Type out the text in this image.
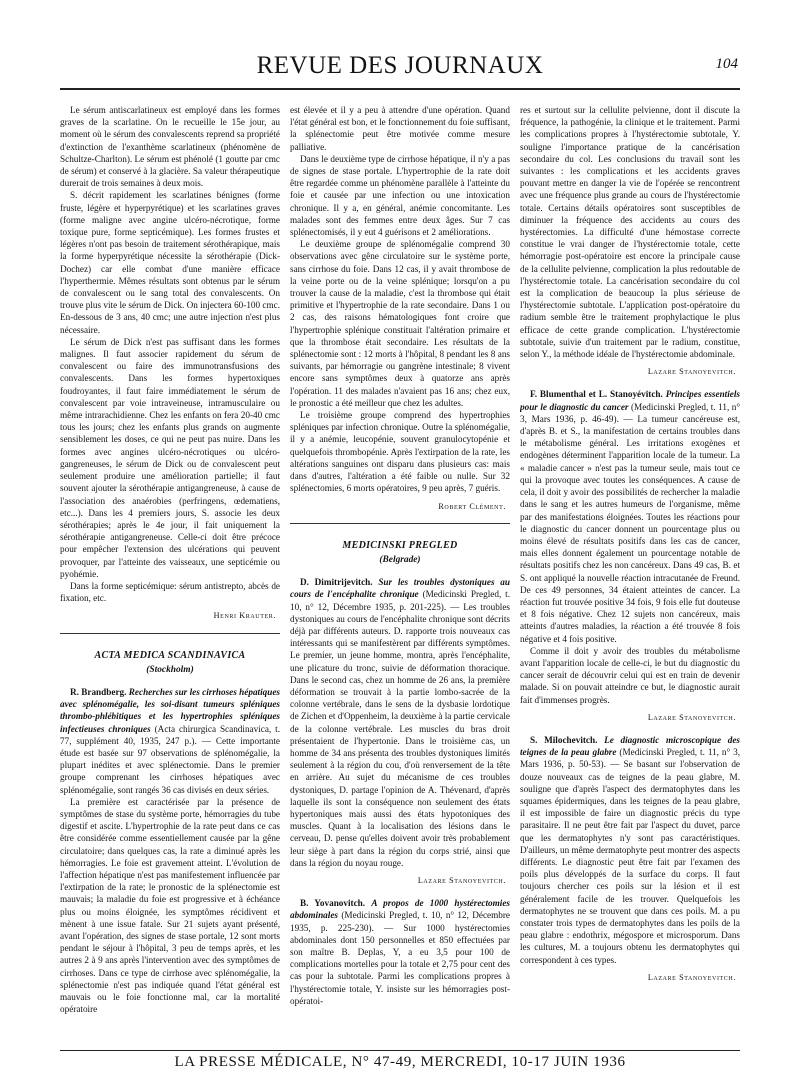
REVUE DES JOURNAUX	104

Le sérum antiscarlatineux est employé dans les formes graves de la scarlatine. On le recueille le 15e jour, au moment où le sérum des convalescents reprend sa propriété d'extinction de l'exanthème scarlatineux (phénomène de Schultze-Charlton). Le sérum est phénolé (1 goutte par cmc de sérum) et conservé à la glacière. Sa valeur thérapeutique durerait de trois semaines à deux mois.

S. décrit rapidement les scarlatines bénignes (forme fruste, légère et hyperpyrétique) et les scarlatines graves (forme maligne avec angine ulcéro-nécrotique, forme toxique pure, forme septicémique). Les formes frustes et légères n'ont pas besoin de traitement sérothérapique, mais la forme hyperpyrétique nécessite la sérothérapie (Dick-Dochez) car elle combat d'une manière efficace l'hyperthermie. Mêmes résultats sont obtenus par le sérum de convalescent ou le sang total des convalescents. On trouve plus vite le sérum de Dick. On injectera 60-100 cmc. En-dessous de 3 ans, 40 cmc; une autre injection n'est plus nécessaire.

Le sérum de Dick n'est pas suffisant dans les formes malignes. Il faut associer rapidement du sérum de convalescent ou faire des immunotransfusions des convalescents. Dans les formes hypertoxiques foudroyantes, il faut faire immédiatement le sérum de convalescent par voie intraveineuse, intramusculaire ou même intrarachidienne. Chez les enfants on fera 20-40 cmc tous les jours; chez les enfants plus grands on augmente sensiblement les doses, ce qui ne peut pas nuire. Dans les formes avec angines ulcéro-nécrotiques ou ulcéro-gangreneuses, le sérum de Dick ou de convalescent peut seulement produire une amélioration partielle; il faut souvent ajouter la sérothérapie antigangreneuse, à cause de l'association des anaérobies (perfringens, œdematiens, etc...). Dans les 4 premiers jours, S. associe les deux sérothérapies; après le 4e jour, il fait uniquement la sérothérapie antigangreneuse. Celle-ci doit être précoce pour empêcher l'extension des ulcérations qui peuvent provoquer, par l'atteinte des vaisseaux, une septicémie ou pyohémie.

Dans la forme septicémique: sérum antistrepto, abcès de fixation, etc.

Henri Krauter.
ACTA MEDICA SCANDINAVICA
(Stockholm)

R. Brandberg. Recherches sur les cirrhoses hépatiques avec splénomégalie, les soi-disant tumeurs spléniques thrombo-phlébitiques et les hypertrophies spléniques infectieuses chroniques (Acta chirurgica Scandinavica, t. 77, supplément 40, 1935, 247 p.). — Cette importante étude est basée sur 97 observations de splénomégalie, la plupart inédites et avec splénectomie. Dans le premier groupe comprenant les cirrhoses hépatiques avec splénomégalie, sont rangés 36 cas divisés en deux séries.

La première est caractérisée par la présence de symptômes de stase du système porte, hémorragies du tube digestif et ascite. L'hypertrophie de la rate peut dans ce cas être considérée comme essentiellement causée par la gêne circulatoire; dans quelques cas, la rate a diminué après les hémorragies. Le foie est gravement atteint. L'évolution de l'affection hépatique n'est pas manifestement influencée par l'extirpation de la rate; le pronostic de la splénectomie est mauvais; la maladie du foie est progressive et à échéance plus ou moins éloignée, les symptômes récidivent et mènent à une issue fatale. Sur 21 sujets ayant présenté, avant l'opération, des signes de stase portale, 12 sont morts pendant le séjour à l'hôpital, 3 peu de temps après, et les autres 2 à 9 ans après l'intervention avec des symptômes de cirrhoses. Dans ce type de cirrhose avec splénomégalie, la splénectomie n'est pas indiquée quand l'état général est mauvais ou le foie fonctionne mal, car la mortalité opératoire

est élevée et il y a peu à attendre d'une opération. Quand l'état général est bon, et le fonctionnement du foie suffisant, la splénectomie peut être motivée comme mesure palliative.

Dans le deuxième type de cirrhose hépatique, il n'y a pas de signes de stase portale. L'hypertrophie de la rate doit être regardée comme un phénomène parallèle à l'atteinte du foie et causée par une infection ou une intoxication chronique. Il y a, en général, anémie concomitante. Les malades sont des femmes entre deux âges. Sur 7 cas splénectomisés, il y eut 4 guérisons et 2 améliorations.

Le deuxième groupe de splénomégalie comprend 30 observations avec gêne circulatoire sur le système porte, sans cirrhose du foie. Dans 12 cas, il y avait thrombose de la veine porte ou de la veine splénique; lorsqu'on a pu trouver la cause de la maladie, c'est la thrombose qui était primitive et l'hypertrophie de la rate secondaire. Dans 1 ou 2 cas, des raisons hématologiques font croire que l'hypertrophie splénique constituait l'altération primaire et que la thrombose était secondaire. Les résultats de la splénectomie sont : 12 morts à l'hôpital, 8 pendant les 8 ans suivants, par hémorragie ou gangrène intestinale; 8 vivent encore sans symptômes deux à quatorze ans après l'opération. 11 des malades n'avaient pas 16 ans; chez eux, le pronostic a été meilleur que chez les adultes.

Le troisième groupe comprend des hypertrophies spléniques par infection chronique. Outre la splénomégalie, il y a anémie, leucopénie, souvent granulocytopénie et quelquefois thrombopénie. Après l'extirpation de la rate, les altérations sanguines ont disparu dans plusieurs cas: mais dans d'autres, l'altération a été faible ou nulle. Sur 32 splénectomies, 6 morts opératoires, 9 peu après, 7 guéris.

Robert Clément.
MEDICINSKI PREGLED
(Belgrade)

D. Dimitrijevitch. Sur les troubles dystoniques au cours de l'encéphalite chronique (Medicinski Pregled, t. 10, n° 12, Décembre 1935, p. 201-225). — Les troubles dystoniques au cours de l'encéphalite chronique sont décrits déjà par différents auteurs. D. rapporte trois nouveaux cas intéressants qui se manifestèrent par différents symptômes. Le premier, un jeune homme, montra, après l'encéphalite, une plicature du tronc, suivie de déformation thoracique. Dans le second cas, chez un homme de 26 ans, la première déformation se trouvait à la partie lombo-sacrée de la colonne vertébrale, dans le sens de la dysbasie lordotique de Zichen et d'Oppenheim, la deuxième à la partie cervicale de la colonne vertébrale. Les muscles du bras droit présentaient de l'hypertonie. Dans le troisième cas, un homme de 34 ans présenta des troubles dystoniques limités seulement à la région du cou, d'où renversement de la tête en arrière. Au sujet du mécanisme de ces troubles dystoniques, D. partage l'opinion de A. Thévenard, d'après laquelle ils sont la conséquence non seulement des états hypertoniques mais aussi des états hypotoniques des muscles. Quant à la localisation des lésions dans le cerveau, D. pense qu'elles doivent avoir très probablement leur siège à part dans la région du corps strié, ainsi que dans la région du noyau rouge.

Lazare Stanoyevitch.

B. Yovanovitch. A propos de 1000 hystérectomies abdominales (Medicinski Pregled, t. 10, n° 12, Décembre 1935, p. 225-230). — Sur 1000 hystérectomies abdominales dont 150 personnelles et 850 effectuées par son maître B. Deplas, Y, a eu 3,5 pour 100 de complications mortelles pour la totale et 2,75 pour cent des cas pour la subtotale. Parmi les complications propres à l'hystérectomie totale, Y. insiste sur les hémorragies post-opératoi-

res et surtout sur la cellulite pelvienne, dont il discute la fréquence, la pathogénie, la clinique et le traitement. Parmi les complications propres à l'hystérectomie subtotale, Y. souligne l'importance pratique de la cancérisation secondaire du col. Les conclusions du travail sont les suivantes : les complications et les accidents graves pouvant mettre en danger la vie de l'opérée se rencontrent avec une fréquence plus grande au cours de l'hystérectomie totale. Certains détails opératoires sont susceptibles de diminuer la fréquence des accidents au cours des hystérectomies. La difficulté d'une hémostase correcte constitue le vrai danger de l'hystérectomie totale, cette hémorragie post-opératoire est encore la principale cause de la cellulite pelvienne, complication la plus redoutable de l'hystérectomie totale. La cancérisation secondaire du col est la complication de beaucoup la plus sérieuse de l'hystérectomie subtotale. L'application post-opératoire du radium semble être le traitement prophylactique le plus efficace de cette grande complication. L'hystérectomie subtotale, suivie d'un traitement par le radium, constitue, selon Y., la méthode idéale de l'hystérectomie abdominale.

Lazare Stanoyevitch.

F. Blumenthal et L. Stanoyévitch. Principes essentiels pour le diagnostic du cancer (Medicinski Pregled, t. 11, n° 3, Mars 1936, p. 46-49). — La tumeur cancéreuse est, d'après B. et S., la manifestation de certains troubles dans le métabolisme général. Les irritations exogènes et endogènes déterminent l'apparition locale de la tumeur. La « maladie cancer » n'est pas la tumeur seule, mais tout ce qui la provoque avec toutes les conséquences. A cause de cela, il doit y avoir des possibilités de rechercher la maladie dans le sang et les autres humeurs de l'organisme, même par des manifestations éloignées. Toutes les réactions pour le diagnostic du cancer donnent un pourcentage plus ou moins élevé de résultats positifs dans les cas de cancer, mais elles donnent également un pourcentage notable de résultats positifs chez les non cancéreux. Dans 49 cas, B. et S. ont appliqué la nouvelle réaction intracutanée de Freund. De ces 49 personnes, 34 étaient atteintes de cancer. La réaction fut trouvée positive 34 fois, 9 fois elle fut douteuse et 8 fois négative. Chez 12 sujets non cancéreux, mais atteints d'autres maladies, la réaction a été trouvée 8 fois négative et 4 fois positive.

Comme il doit y avoir des troubles du métabolisme avant l'apparition locale de celle-ci, le but du diagnostic du cancer serait de découvrir celui qui est en train de devenir malade. Si on pouvait atteindre ce but, le diagnostic aurait fait d'immenses progrès.

Lazare Stanoyevitch.

S. Milochevitch. Le diagnostic microscopique des teignes de la peau glabre (Medicinski Pregled, t. 11, n° 3, Mars 1936, p. 50-53). — Se basant sur l'observation de douze nouveaux cas de teignes de la peau glabre, M. souligne que d'après l'aspect des dermatophytes dans les squames épidermiques, dans les teignes de la peau glabre, il est impossible de faire un diagnostic précis du type parasitaire. Il ne peut être fait par l'aspect du duvet, parce que les dermatophytes n'y sont pas caractéristiques. D'ailleurs, un même dermatophyte peut montrer des aspects différents. Le diagnostic peut être fait par l'examen des poils plus développés de la surface du corps. Il faut toujours chercher ces poils sur la lésion et il est généralement facile de les trouver. Quelquefois les dermatophytes ne se trouvent que dans ces poils. M. a pu constater trois types de dermatophytes dans les poils de la peau glabre : endothrix, mégospore et microsporum. Dans les cultures, M. a toujours obtenu les dermatophytes qui correspondent à ces types.

Lazare Stanoyevitch.
LA PRESSE MÉDICALE, N° 47-49, MERCREDI, 10-17 JUIN 1936
